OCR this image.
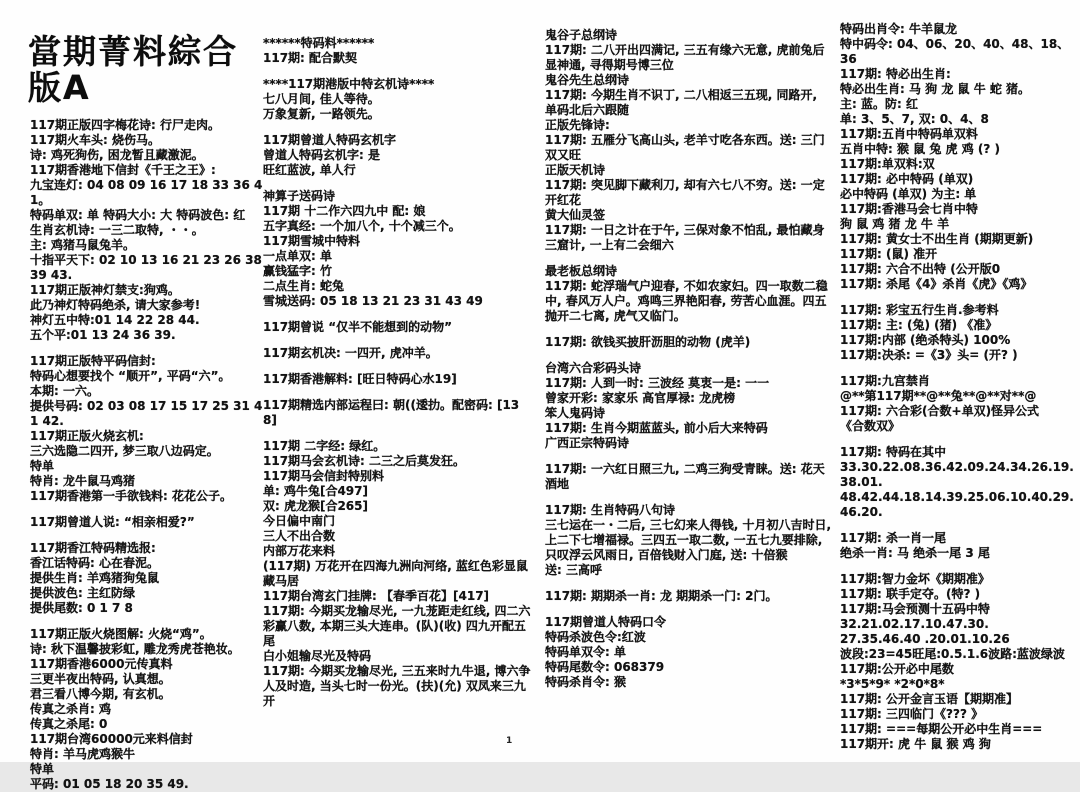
當期菁料綜合版A
117期正版四字梅花诗: 行尸走肉。
117期火车头: 烧伤马。
诗: 鸡死狗伤, 困龙暂且藏激泥。
117期香港地下信封《千王之王》:
九宝连灯: 04 08 09 16 17 18 33 36 41。
特码单双: 单 特码大小: 大 特码波色: 红
生肖玄机诗: 一三二取特, ・・。
主: 鸡猪马鼠兔羊。
十指平天下: 02 10 13 16 21 23 26 38 39 43.
117期正版神灯禁支:狗鸡。
此乃神灯特码绝杀, 请大家参考!
神灯五中特:01 14 22 28 44.
五个平:01 13 24 36 39.
117期正版特平码信封:
特码心想要找个 “顺开”, 平码“六”。
本期: 一六。
提供号码: 02 03 08 17 15 17 25 31 41 42.
117期正版火烧玄机:
三六选隐二四开, 梦三取八边码定。
特单
特肖: 龙牛鼠马鸡猪
117期香港第一手欲钱料: 花花公子。
117期曾道人说: “相亲相爱?”
117期香江特码精选报:
香江话特码: 心在春泥。
提供生肖: 羊鸡猪狗兔鼠
提供波色: 主红防绿
提供尾数: 0 1 7 8
117期正版火烧图解: 火烧“鸡”。
诗: 秋下温馨披彩虹, 雕龙秀虎苍艳妆。
117期香港6000元传真料
三更半夜出特码, 认真想。
君三看八博今期, 有玄机。
传真之杀肖: 鸡
传真之杀尾: 0
117期台湾60000元来料信封
特肖: 羊马虎鸡猴牛
特单
平码: 01 05 18 20 35 49.
******特码料******
117期: 配合默契
****117期港版中特玄机诗****
七八月间, 佳人等待。
万象复新, 一路领先。
117期曾道人特码玄机字
曾道人特码玄机字: 是
旺红蓝波, 单人行
神算子送码诗
117期 十二作六四九中 配: 娘
五字真经: 一个加八个, 十个减三个。
117期雪城中特料
一点单双: 单
赢钱猛字: 竹
二点生肖: 蛇兔
雪城送码: 05 18 13 21 23 31 43 49
117期曾说 “仅半不能想到的动物”
117期玄机决: 一四开, 虎冲羊。
117期香港解料: [旺日特码心水19]
117期精选内部运程曰: 朝((逶扐。配密码: [138]
117期 二字经: 绿红。
117期马会玄机诗: 二三之后莫发狂。
117期马会信封特别料
单: 鸡牛兔[合497]
双: 虎龙猴[合265]
今日偏中南门
三人不出合数
内部万花来料
(117期) 万花开在四海九洲向河络, 蓝红色彩显鼠藏马居
117期台湾玄门挂牌: 【春季百花】[417]
117期: 今期买龙输尽光, 一九茏距走红线, 四二六彩赢八数, 本期三头大连串。(队)(收) 四九开配五尾
白小姐输尽光及特码
117期: 今期买龙输尽光, 三五来时九牛退, 博六争人及时造, 当头七时一份光。(扶)(允) 双凤来三九开
鬼谷子总纲诗
117期: 二八开出四满记, 三五有缘六无意, 虎前兔后显神通, 寻得期号博三位
鬼谷先生总纲诗
117期: 今期生肖不识丁, 二八相返三五现, 同路开, 单码北后六跟随
正版先锋诗:
117期: 五雁分飞高山头, 老羊寸吃各东西。送: 三门双又旺
正版天机诗
117期: 突见脚下藏利刀, 却有六七八不穷。送: 一定开红花
黄大仙灵签
117期: 一日之计在于午, 三保对象不怕乱, 最怕藏身三窟计, 一上有二会细六
最老板总纲诗
117期: 蛇浮瑞气户迎春, 不如农家妇。四一取数二稳中, 春风万人户。鸡鸣三界艳阳春, 劳苦心血涯。四五抛开二七离, 虎气又临门。
117期: 欲钱买披肝沥胆的动物 (虎羊)
台湾六合彩码头诗
117期: 人到一时: 三波经 莫衷一是: 一一
曾家开彩: 家家乐 高官厚禄: 龙虎榜
笨人鬼码诗
117期: 生肖今期蓝蓝头, 前小后大来特码
广西正宗特码诗
117期: 一六红日照三九, 二鸡三狗受青睐。送: 花天酒地
117期: 生肖特码八句诗
三七运在一・二后, 三七幻来人得钱, 十月初八吉时日, 上二下七增福禄。三四五一取二数, 一五七九要排除, 只叹浮云风雨日, 百倍钱财入门庭, 送: 十倍猴
送: 三高呼
117期: 期期杀一肖: 龙 期期杀一门: 2门。
117期曾道人特码口令
特码杀波色令:红波
特码单双令: 单
特码尾数令: 068379
特码杀肖令: 猴
特码出肖令: 牛羊鼠龙
特中码令: 04、06、20、40、48、18、36
117期: 特必出生肖:
特必出生肖: 马 狗 龙 鼠 牛 蛇 猪。
主: 蓝。防: 红
单: 3、5、7, 双: 0、4、8
117期:五肖中特码单双料
五肖中特: 猴 鼠 兔 虎 鸡 (? )
117期:单双料:双
117期: 必中特码 (单双)
必中特码 (单双) 为主: 单
117期:香港马会七肖中特
狗 鼠 鸡 猪 龙 牛 羊
117期: 黄女士不出生肖 (期期更新)
117期: (鼠) 准开
117期: 六合不出特 (公开版0
117期: 杀尾《4》杀肖《虎》《鸡》
117期: 彩宝五行生肖.参考料
117期: 主: (兔) (猪) 《准》
117期:内部 (绝杀特头) 100%
117期:决杀: =《3》头= (开? )
117期:九宫禁肖
@**第117期**@**兔**@**对**@
117期: 六合彩(合数+单双)怪异公式
《合数双》
117期: 特码在其中
33.30.22.08.36.42.09.24.34.26.19.38.01.
48.42.44.18.14.39.25.06.10.40.29.46.20.
117期: 杀一肖一尾
绝杀一肖: 马 绝杀一尾 3 尾
117期:智力金坏《期期准》
117期: 联手定夺。(特? )
117期:马会预测十五码中特
32.21.02.17.10.47.30.
27.35.46.40 .20.01.10.26
波段:23=45旺尾:0.5.1.6波路:蓝波绿波
117期:公开必中尾数
*3*5*9* *2*0*8*
117期: 公开金言玉语【期期准】
117期: 三四临门《??? 》
117期: ===每期公开必中生肖===
117期开: 虎 牛 鼠 猴 鸡 狗
1
